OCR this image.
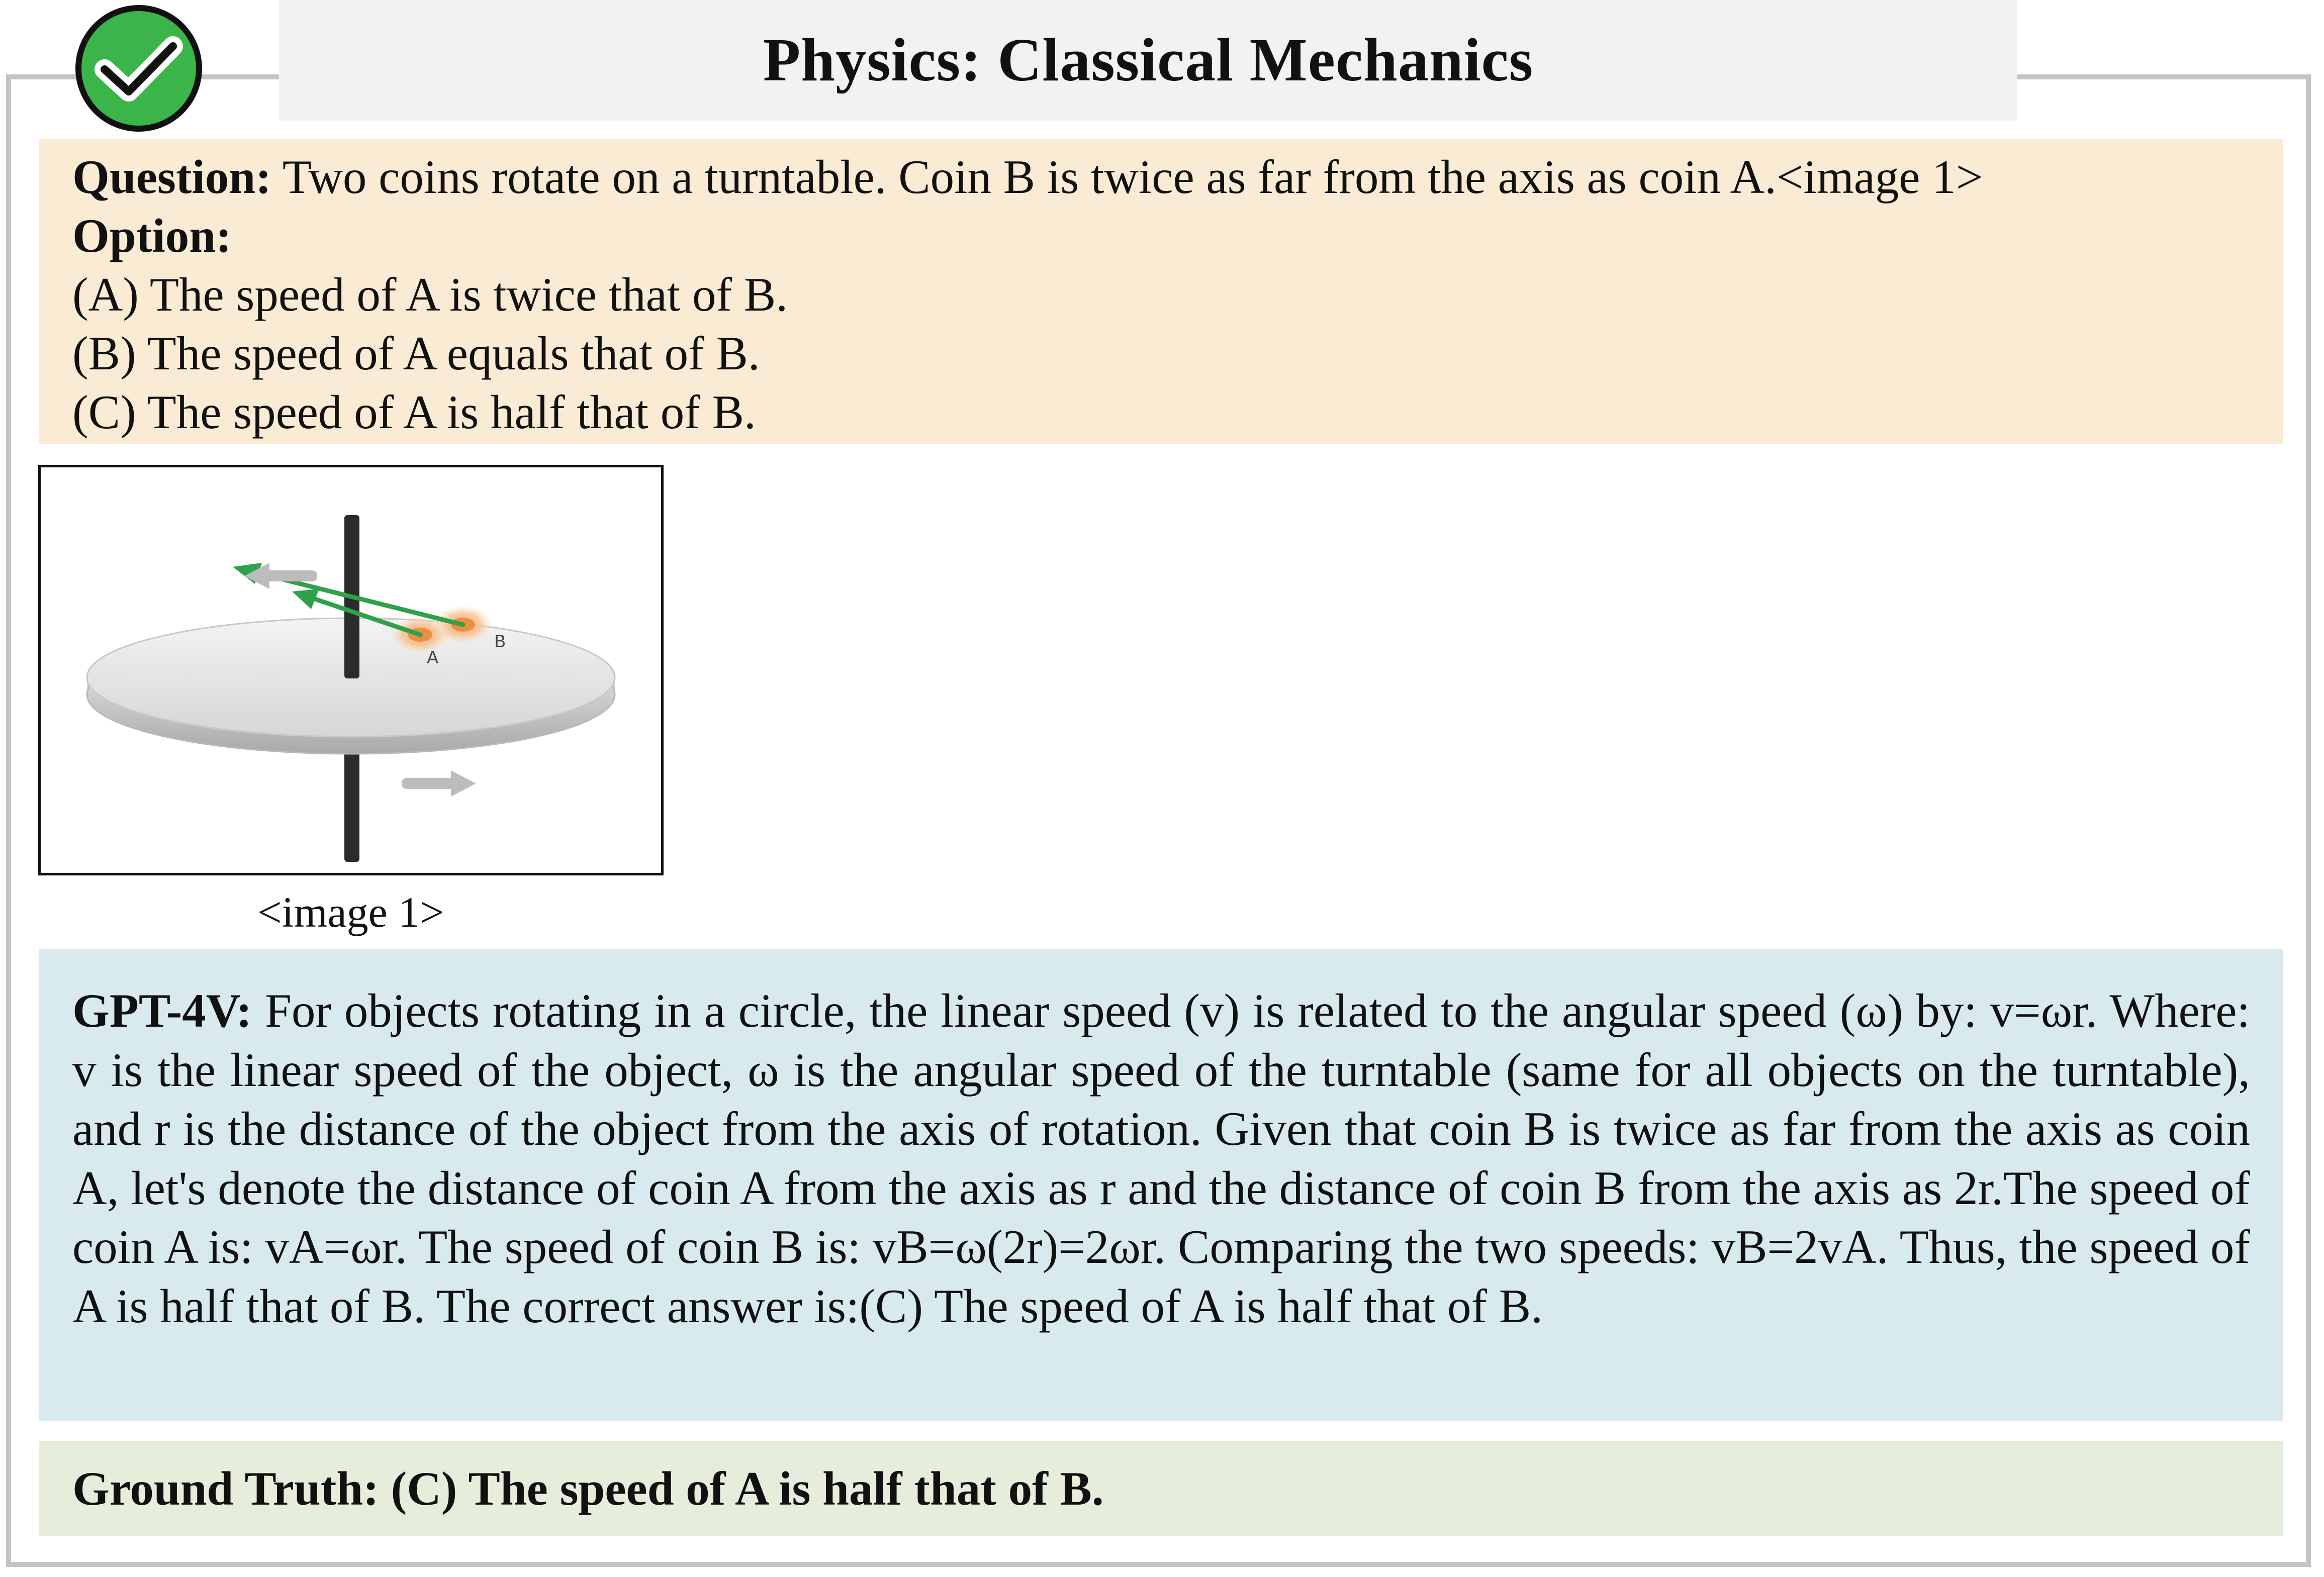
Physics: Classical Mechanics

Question: Two coins rotate on a turntable. Coin B is twice as far from the axis as coin A.<image 1>

Option:

(A) The speed of A is twice that of B.

(B) The speed of A equals that of B.

(C) The speed of A is half that of B.

A
B
<image 1>

GPT-4V: For objects rotating in a circle, the linear speed (v) is related to the angular speed (ω) by: v=ωr. Where: v is the linear speed of the object, ω is the angular speed of the turntable (same for all objects on the turntable), and r is the distance of the object from the axis of rotation. Given that coin B is twice as far from the axis as coin A, let's denote the distance of coin A from the axis as r and the distance of coin B from the axis as 2r.The speed of coin A is: vA=ωr. The speed of coin B is: vB=ω(2r)=2ωr. Comparing the two speeds: vB=2vA. Thus, the speed of A is half that of B. The correct answer is:(C) The speed of A is half that of B.

Ground Truth:
(C) The speed of A is half that of B.
